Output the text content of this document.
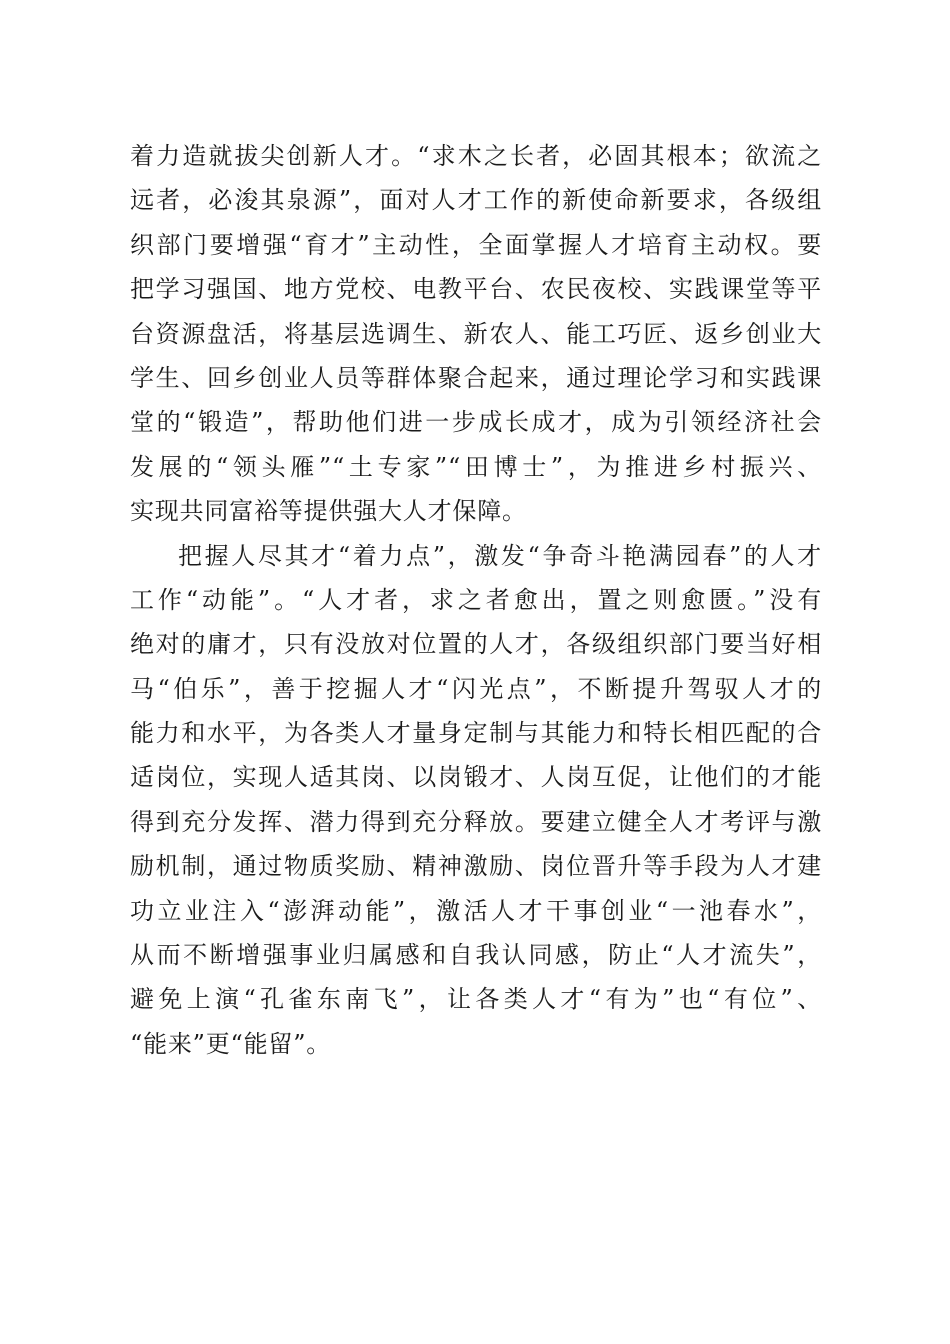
着力造就拔尖创新人才。“求木之长者，必固其根本；欲流之
远者，必浚其泉源”，面对人才工作的新使命新要求，各级组
织部门要增强“育才”主动性，全面掌握人才培育主动权。要
把学习强国、地方党校、电教平台、农民夜校、实践课堂等平
台资源盘活，将基层选调生、新农人、能工巧匠、返乡创业大
学生、回乡创业人员等群体聚合起来，通过理论学习和实践课
堂的“锻造”，帮助他们进一步成长成才，成为引领经济社会
发展的“领头雁”“土专家”“田博士”，为推进乡村振兴、
实现共同富裕等提供强大人才保障。
把握人尽其才“着力点”，激发“争奇斗艳满园春”的人才
工作“动能”。“人才者，求之者愈出，置之则愈匮。”没有
绝对的庸才，只有没放对位置的人才，各级组织部门要当好相
马“伯乐”，善于挖掘人才“闪光点”，不断提升驾驭人才的
能力和水平，为各类人才量身定制与其能力和特长相匹配的合
适岗位，实现人适其岗、以岗锻才、人岗互促，让他们的才能
得到充分发挥、潜力得到充分释放。要建立健全人才考评与激
励机制，通过物质奖励、精神激励、岗位晋升等手段为人才建
功立业注入“澎湃动能”，激活人才干事创业“一池春水”，
从而不断增强事业归属感和自我认同感，防止“人才流失”，
避免上演“孔雀东南飞”，让各类人才“有为”也“有位”、
“能来”更“能留”。
